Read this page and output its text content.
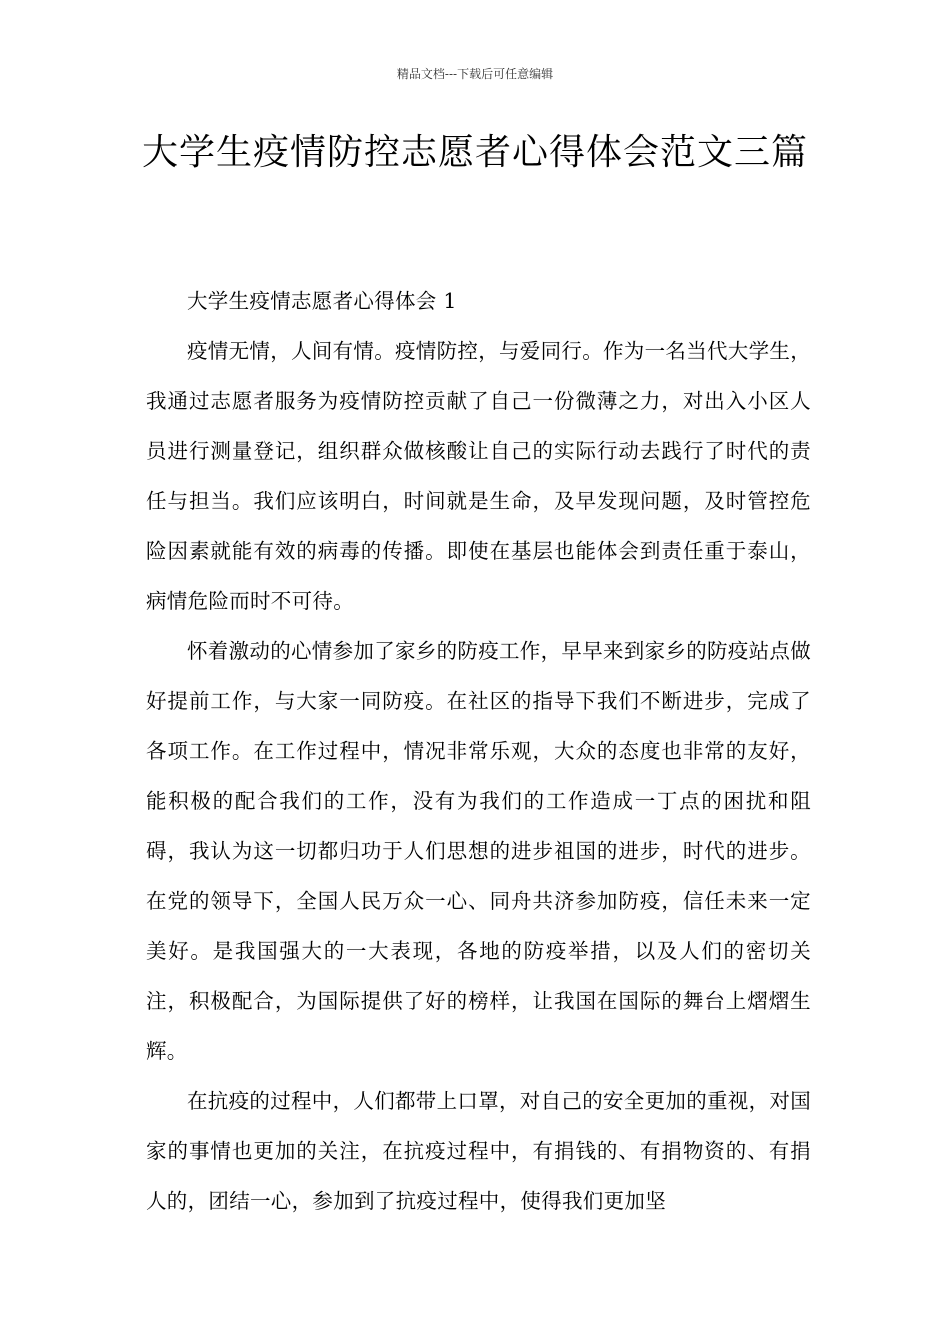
精品文档---下载后可任意编辑
大学生疫情防控志愿者心得体会范文三篇

大学生疫情志愿者心得体会 1

疫情无情，人间有情。疫情防控，与爱同行。作为一名当代大学生，我通过志愿者服务为疫情防控贡献了自己一份微薄之力，对出入小区人员进行测量登记，组织群众做核酸让自己的实际行动去践行了时代的责任与担当。我们应该明白，时间就是生命，及早发现问题，及时管控危险因素就能有效的病毒的传播。即使在基层也能体会到责任重于泰山，病情危险而时不可待。

怀着激动的心情参加了家乡的防疫工作，早早来到家乡的防疫站点做好提前工作，与大家一同防疫。在社区的指导下我们不断进步，完成了各项工作。在工作过程中，情况非常乐观，大众的态度也非常的友好，能积极的配合我们的工作，没有为我们的工作造成一丁点的困扰和阻碍，我认为这一切都归功于人们思想的进步祖国的进步，时代的进步。在党的领导下，全国人民万众一心、同舟共济参加防疫，信任未来一定美好。是我国强大的一大表现，各地的防疫举措，以及人们的密切关注，积极配合，为国际提供了好的榜样，让我国在国际的舞台上熠熠生辉。

在抗疫的过程中，人们都带上口罩，对自己的安全更加的重视，对国家的事情也更加的关注，在抗疫过程中，有捐钱的、有捐物资的、有捐人的，团结一心，参加到了抗疫过程中，使得我们更加坚
